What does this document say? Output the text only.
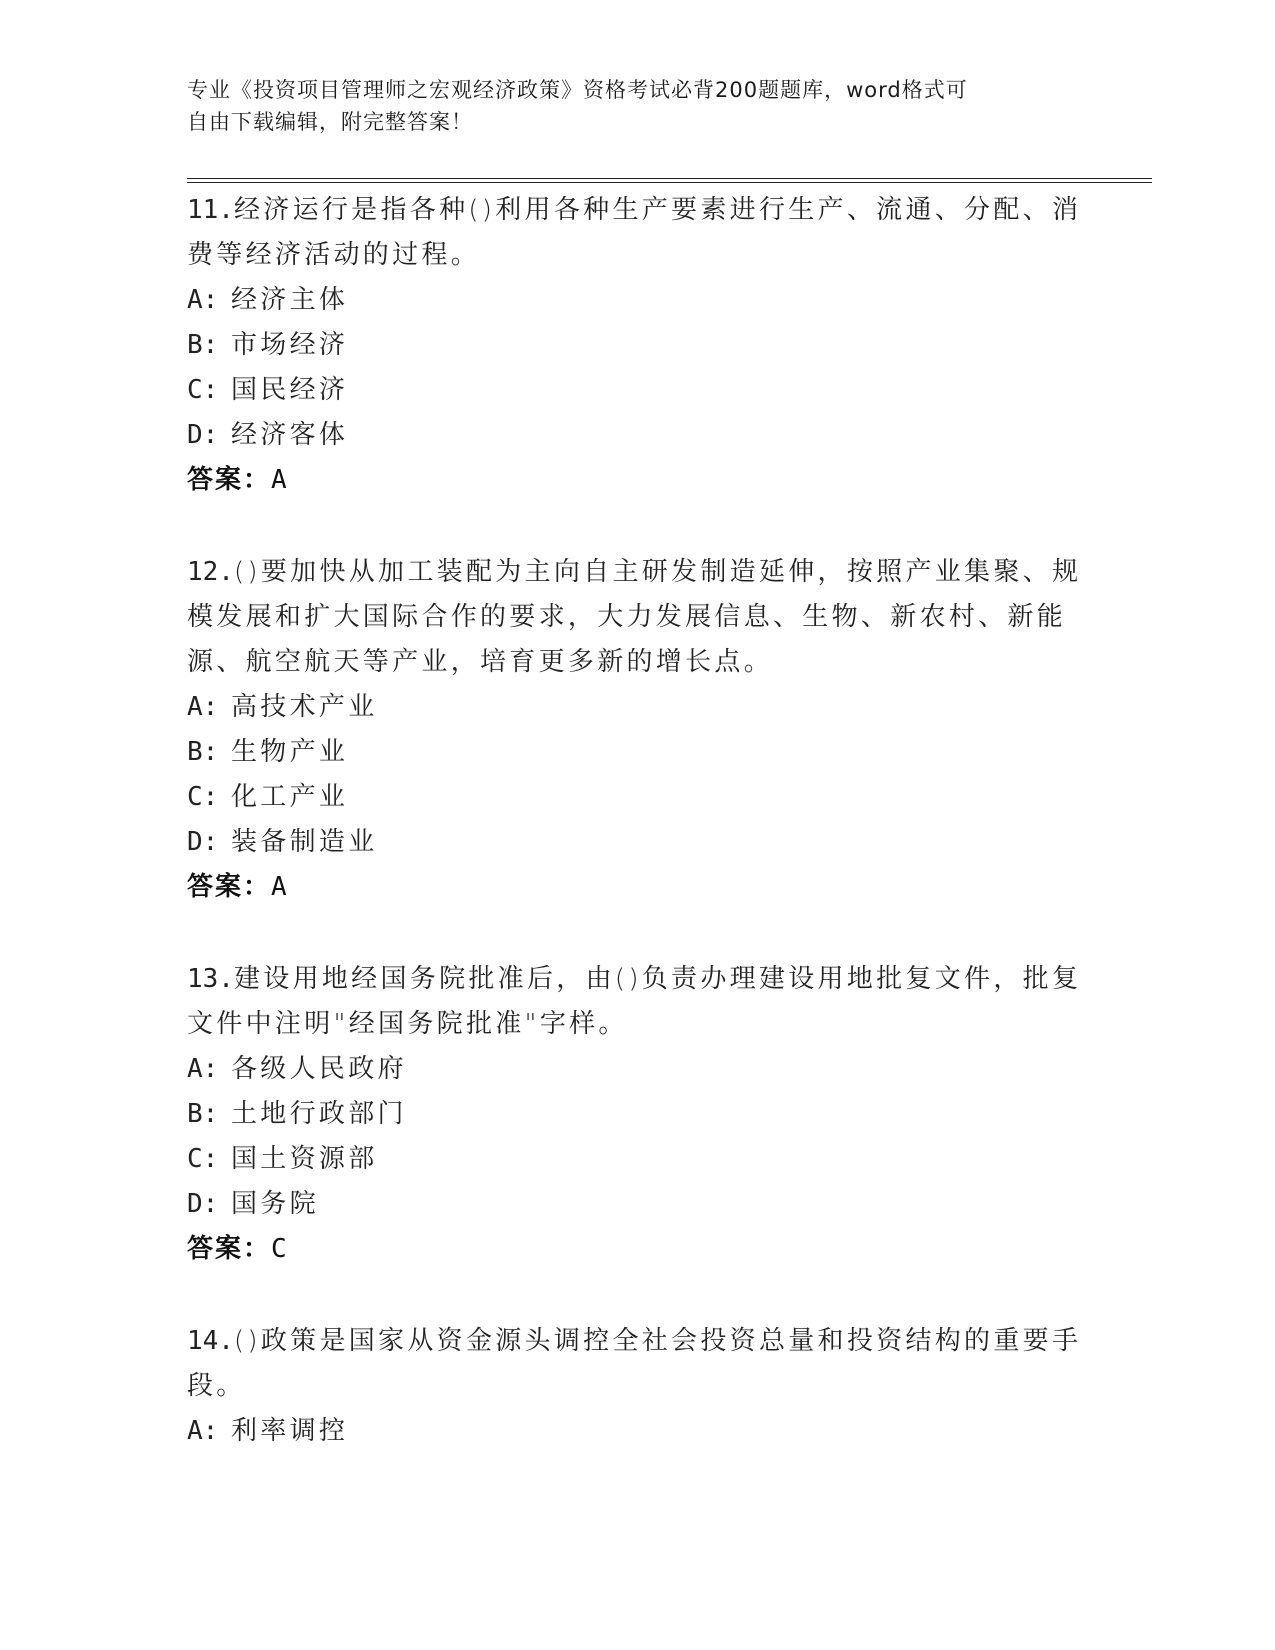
专业《投资项目管理师之宏观经济政策》资格考试必背200题题库，word格式可
自由下载编辑，附完整答案！
11.经济运行是指各种()利用各种生产要素进行生产、流通、分配、消
费等经济活动的过程。
A: 经济主体
B: 市场经济
C: 国民经济
D: 经济客体
答案：A
12.()要加快从加工装配为主向自主研发制造延伸，按照产业集聚、规
模发展和扩大国际合作的要求，大力发展信息、生物、新农村、新能
源、航空航天等产业，培育更多新的增长点。
A: 高技术产业
B: 生物产业
C: 化工产业
D: 装备制造业
答案：A
13.建设用地经国务院批准后，由()负责办理建设用地批复文件，批复
文件中注明"经国务院批准"字样。
A: 各级人民政府
B: 土地行政部门
C: 国土资源部
D: 国务院
答案：C
14.()政策是国家从资金源头调控全社会投资总量和投资结构的重要手
段。
A: 利率调控
